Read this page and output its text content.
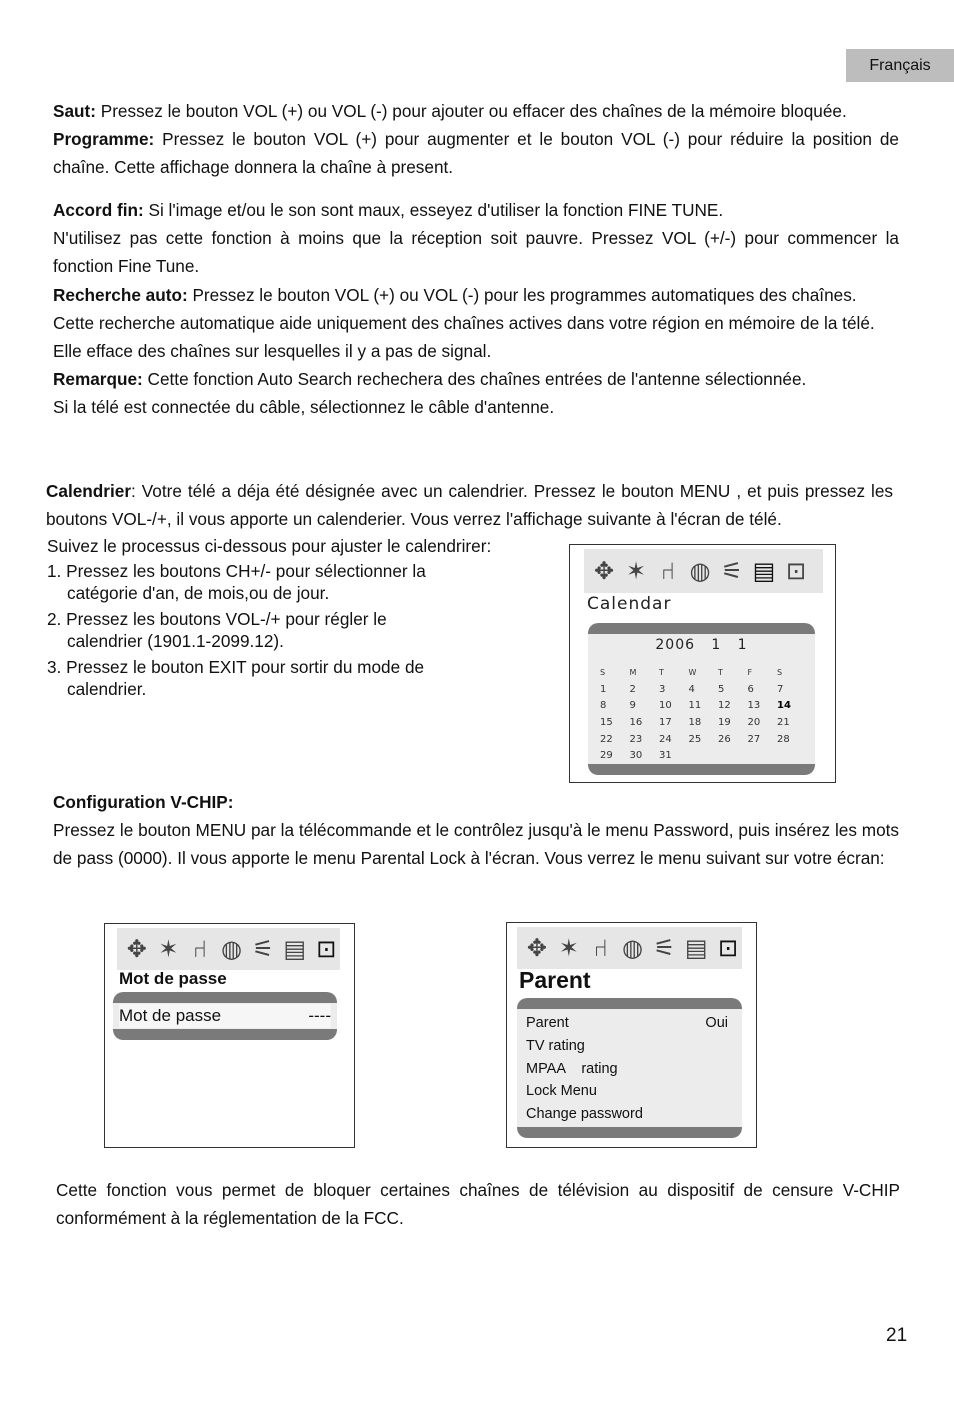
Français

Saut: Pressez le bouton VOL (+) ou VOL (-) pour ajouter ou effacer des chaînes de la mémoire bloquée.
Programme: Pressez le bouton VOL (+) pour augmenter et le bouton VOL (-) pour réduire la position de chaîne. Cette affichage donnera la chaîne à present.

Accord fin: Si l'image et/ou le son sont maux, esseyez d'utiliser la fonction FINE TUNE.
N'utilisez pas cette fonction à moins que la réception soit pauvre. Pressez VOL (+/-) pour commencer la fonction Fine Tune.
Recherche auto: Pressez le bouton VOL (+) ou VOL (-) pour les programmes automatiques des chaînes.
Cette recherche automatique aide uniquement des chaînes actives dans votre région en mémoire de la télé.
Elle efface des chaînes sur lesquelles il y a pas de signal.
Remarque: Cette fonction Auto Search rechechera des chaînes entrées de l'antenne sélectionnée.
Si la télé est connectée du câble, sélectionnez le câble d'antenne.

Calendrier: Votre télé a déja été désignée avec un calendrier. Pressez le bouton MENU , et puis pressez les boutons VOL-/+, il vous apporte un calenderier. Vous verrez l'affichage suivante à l'écran de télé.

Suivez le processus ci-dessous pour ajuster le calendrirer:
1. Pressez les boutons CH+/- pour sélectionner la
catégorie d'an, de mois,ou de jour.
2. Pressez les boutons VOL-/+ pour régler le
calendrier (1901.1-2099.12).
3. Pressez le bouton EXIT pour sortir du mode de
calendrier.
✥ ✶ ⑁ ◍ ⚟ ▤ ⊡
Calendar
2006 1 1
S	M	T	W	T	F	S
1	2	3	4	5	6	7
8	9	10	11	12	13	14
15	16	17	18	19	20	21
22	23	24	25	26	27	28
29	30	31

Configuration V-CHIP:
Pressez le bouton MENU par la télécommande et le contrôlez jusqu'à le menu Password, puis insérez les mots de pass (0000). Il vous apporte le menu Parental Lock à l'écran. Vous verrez le menu suivant sur votre écran:

✥ ✶ ⑁ ◍ ⚟ ▤ ⊡
Mot de passe
Mot de passe	----
✥ ✶ ⑁ ◍ ⚟ ▤ ⊡
Parent
Parent	Oui
TV rating
MPAA    rating
Lock Menu
Change password

Cette fonction vous permet de bloquer certaines chaînes de télévision au dispositif de censure V-CHIP conformément à la réglementation de la FCC.

21
